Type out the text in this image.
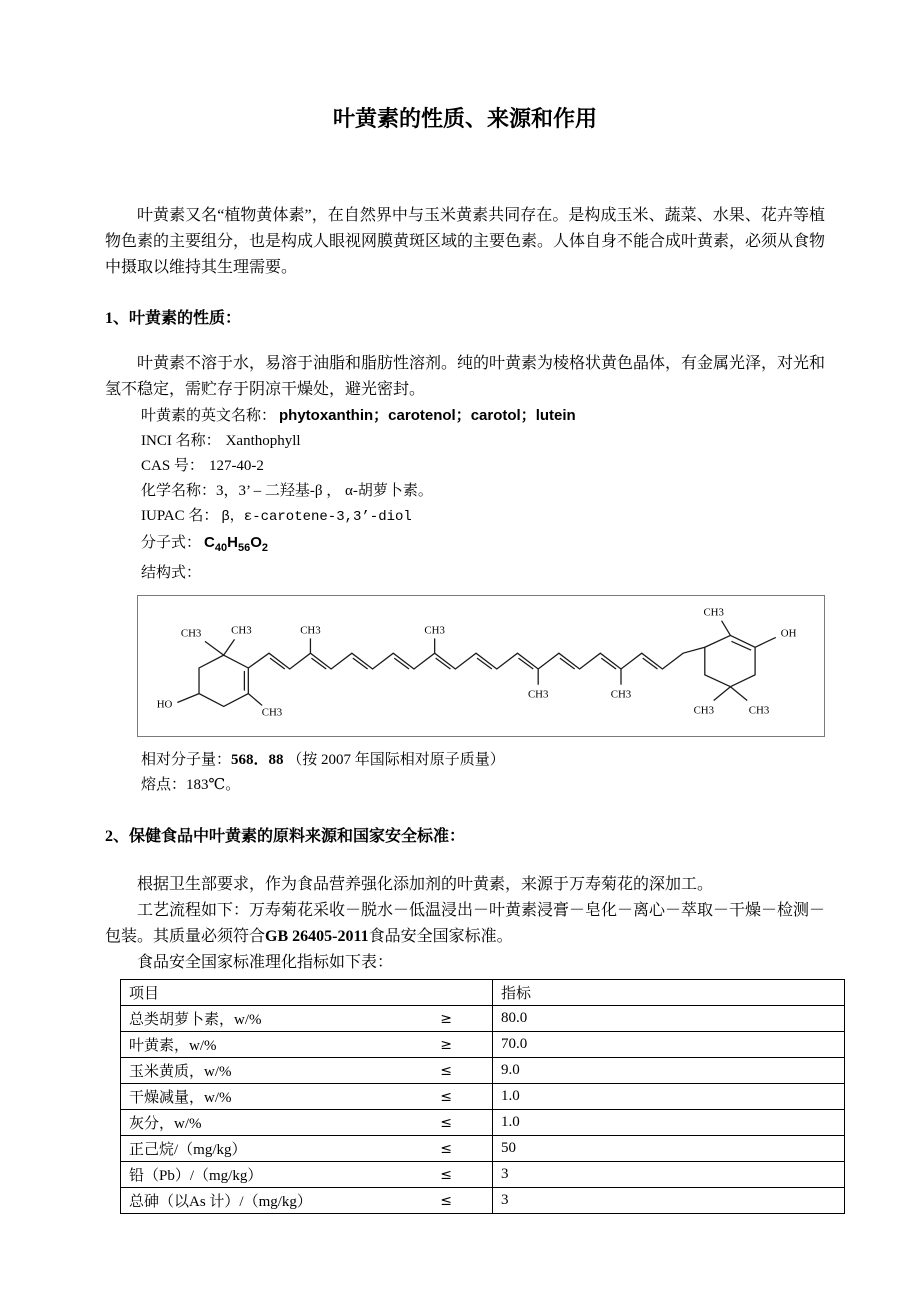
叶黄素的性质、来源和作用
叶黄素又名“植物黄体素”，在自然界中与玉米黄素共同存在。是构成玉米、蔬菜、水果、花卉等植物色素的主要组分，也是构成人眼视网膜黄斑区域的主要色素。人体自身不能合成叶黄素，必须从食物中摄取以维持其生理需要。
1、叶黄素的性质：
叶黄素不溶于水，易溶于油脂和脂肪性溶剂。纯的叶黄素为棱格状黄色晶体，有金属光泽，对光和氢不稳定，需贮存于阴凉干燥处，避光密封。
叶黄素的英文名称： phytoxanthin；carotenol；carotol；lutein
INCI 名称： Xanthophyll
CAS 号： 127-40-2
化学名称：3，3’ – 二羟基-β ， α-胡萝卜素。
IUPAC 名： β，ε-carotene-3,3’-diol
分子式： $C_{40}H_{56}O_2$
结构式：
CH3	CH3	CH3	CH3
CH3
OH
HO
CH3
CH3	CH3
CH3	CH3
相对分子量：568．88 （按 2007 年国际相对原子质量）
熔点：183℃。
2、保健食品中叶黄素的原料来源和国家安全标准：
根据卫生部要求，作为食品营养强化添加剂的叶黄素，来源于万寿菊花的深加工。
工艺流程如下：万寿菊花采收－脱水－低温浸出－叶黄素浸膏－皂化－离心－萃取－干燥－检测－包装。其质量必须符合GB 26405-2011食品安全国家标准。
食品安全国家标准理化指标如下表：
项目	指标

总类胡萝卜素，w/% ≥	80.0

叶黄素，w/% ≥	70.0

玉米黄质，w/% ≤	9.0

干燥减量，w/% ≤	1.0

灰分，w/% ≤	1.0

正己烷/（mg/kg） ≤	50

铅（Pb）/（mg/kg） ≤	3

总砷（以As 计）/（mg/kg） ≤	3
